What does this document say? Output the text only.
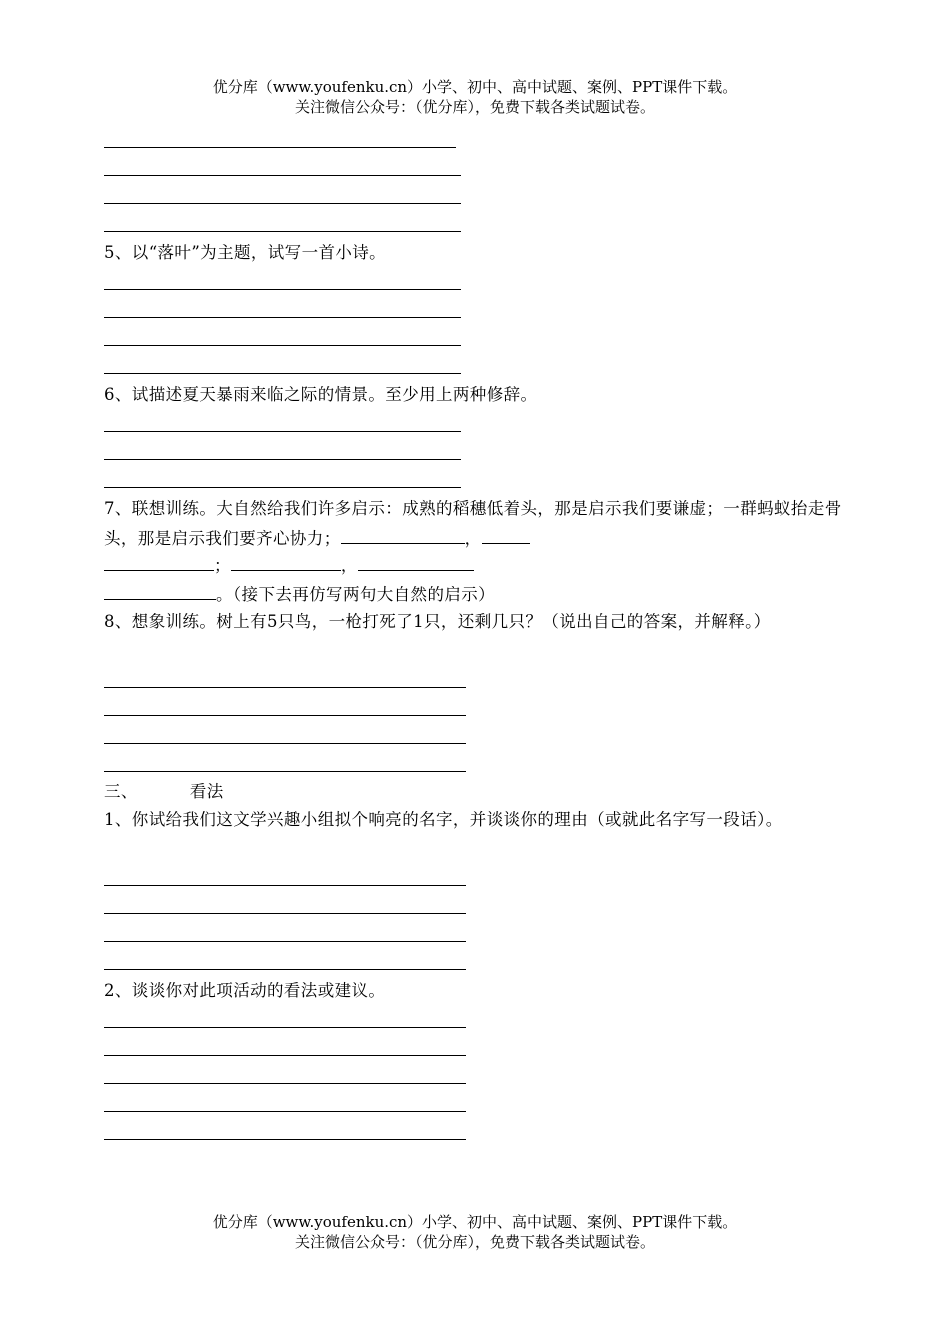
优分库（www.youfenku.cn）小学、初中、高中试题、案例、PPT课件下载。
关注微信公众号：（优分库），免费下载各类试题试卷。
5、以“落叶”为主题，试写一首小诗。
6、试描述夏天暴雨来临之际的情景。至少用上两种修辞。
7、联想训练。大自然给我们许多启示：成熟的稻穗低着头，那是启示我们要谦虚；一群蚂蚁抬走骨头，那是启示我们要齐心协力；	，
；	，
。（接下去再仿写两句大自然的启示）
8、想象训练。树上有5只鸟，一枪打死了1只，还剩几只？（说出自己的答案，并解释。）
三、	看法
1、你试给我们这文学兴趣小组拟个响亮的名字，并谈谈你的理由（或就此名字写一段话）。
2、谈谈你对此项活动的看法或建议。
优分库（www.youfenku.cn）小学、初中、高中试题、案例、PPT课件下载。
关注微信公众号：（优分库），免费下载各类试题试卷。
